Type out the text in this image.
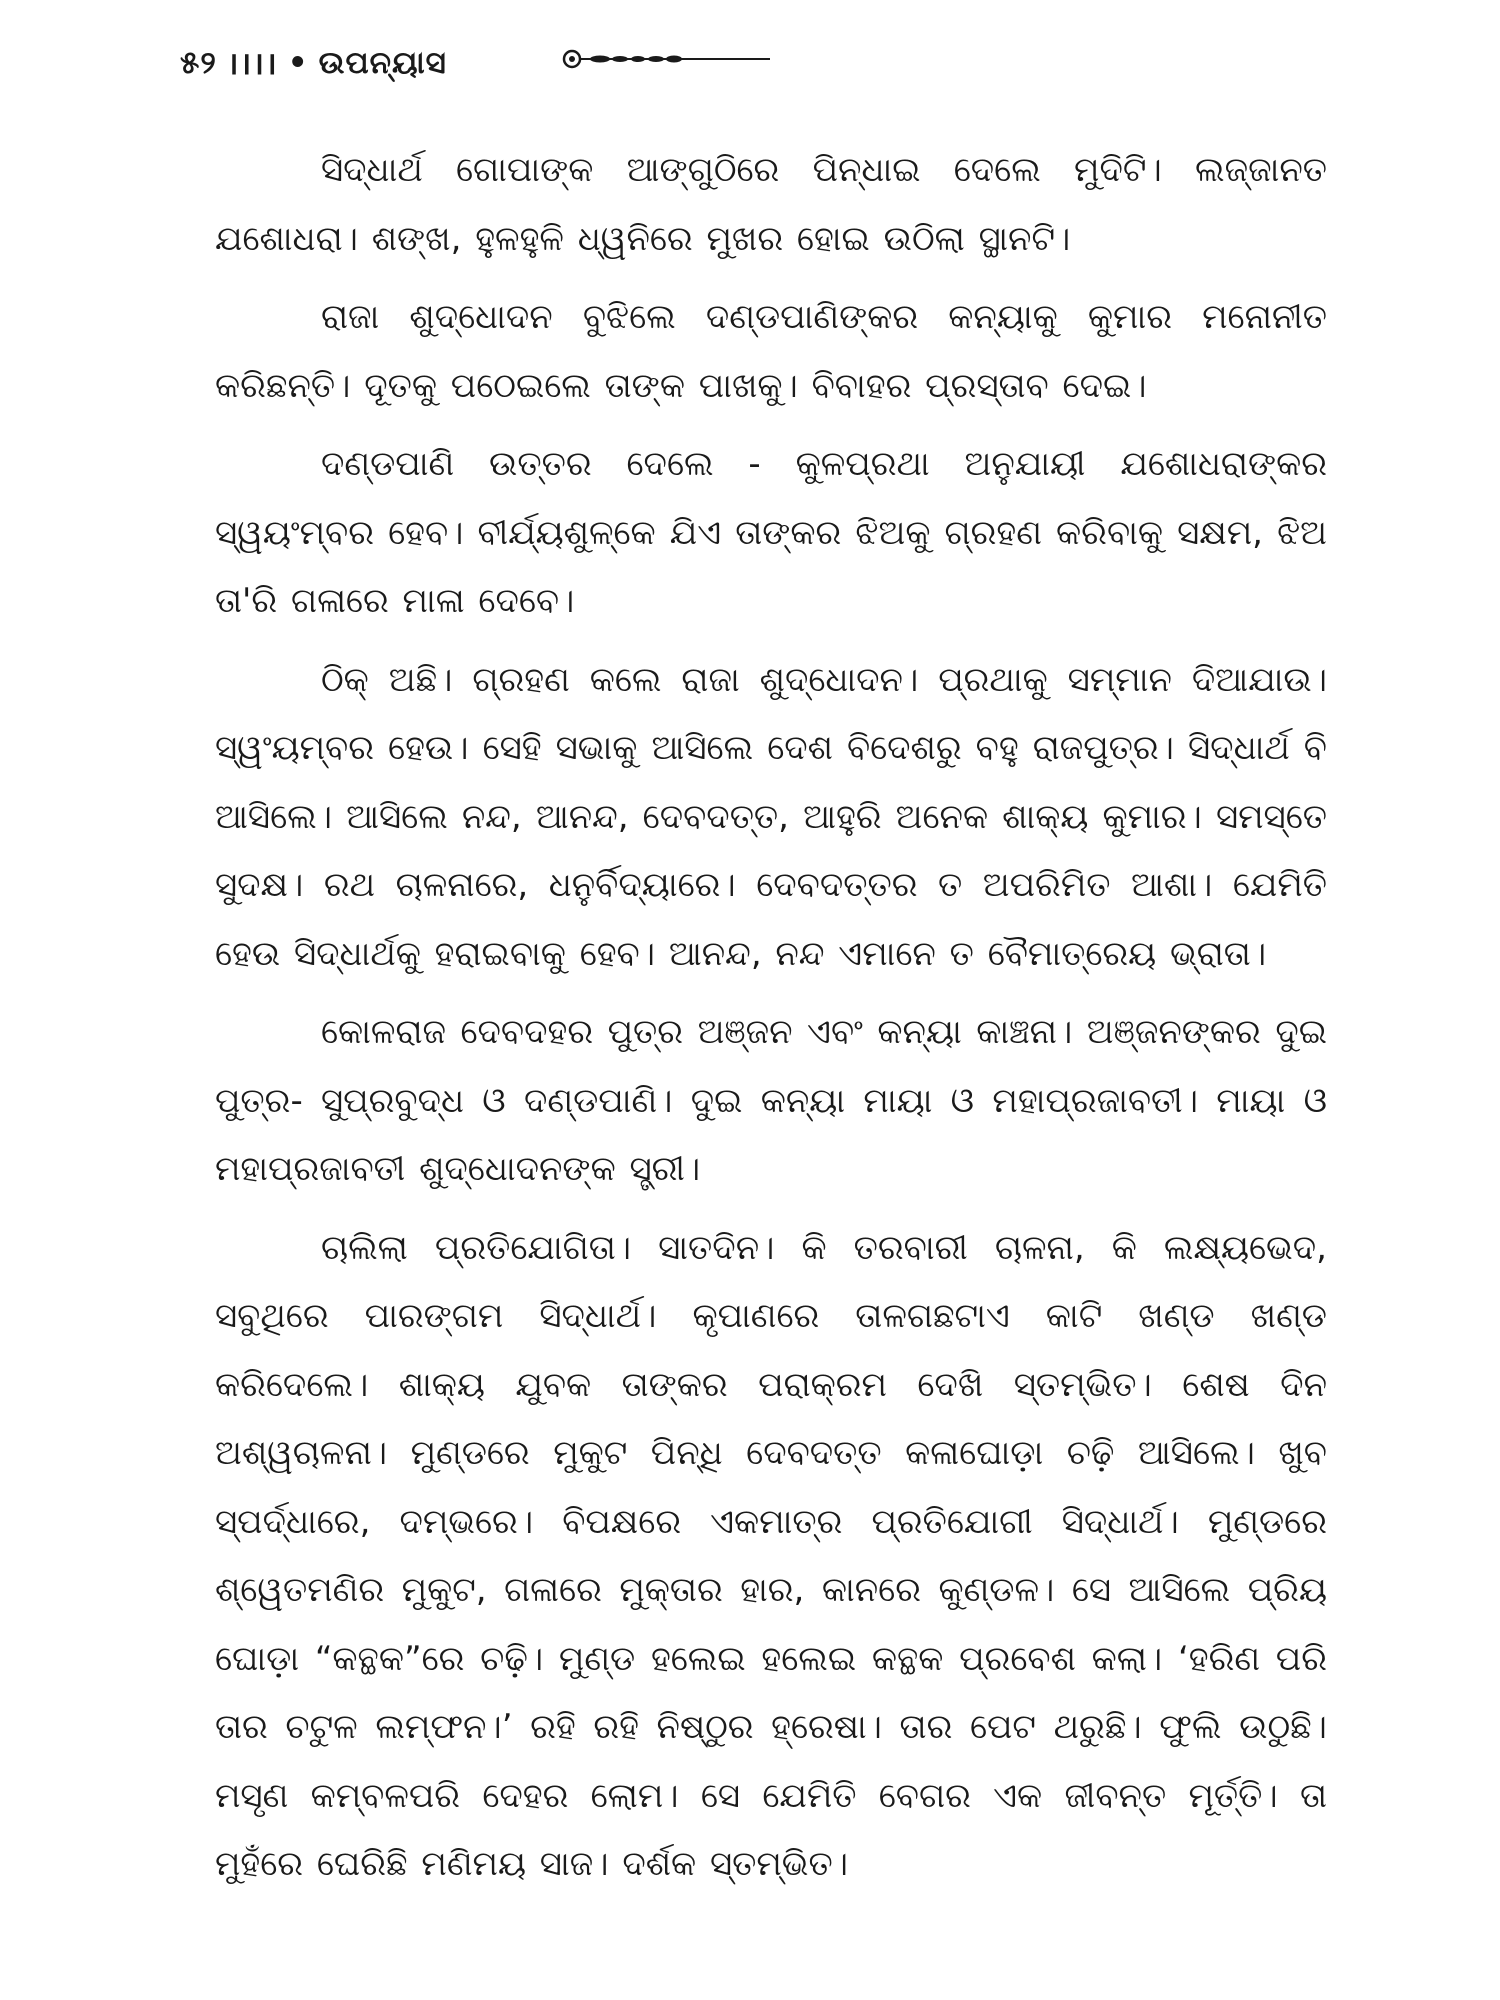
୫୨ ।।।। • ଉପନ୍ୟାସ

ସିଦ୍ଧାର୍ଥ ଗୋପାଙ୍କ ଆଙ୍ଗୁଠିରେ ପିନ୍ଧାଇ ଦେଲେ ମୁଦିଟି। ଲଜ୍ଜାନତ ଯଶୋଧରା। ଶଙ୍ଖ, ହୁଳହୁଳି ଧ୍ୱନିରେ ମୁଖର ହୋଇ ଉଠିଲା ସ୍ଥାନଟି।

ରାଜା ଶୁଦ୍ଧୋଦନ ବୁଝିଲେ ଦଣ୍ଡପାଣିଙ୍କର କନ୍ୟାକୁ କୁମାର ମନୋନୀତ କରିଛନ୍ତି। ଦୂତକୁ ପଠେଇଲେ ତାଙ୍କ ପାଖକୁ। ବିବାହର ପ୍ରସ୍ତାବ ଦେଇ।

ଦଣ୍ଡପାଣି ଉତ୍ତର ଦେଲେ - କୁଳପ୍ରଥା ଅନୁଯାୟୀ ଯଶୋଧରାଙ୍କର ସ୍ୱୟଂମ୍ବର ହେବ। ବୀର୍ଯ୍ୟଶୁଳ୍କେ ଯିଏ ତାଙ୍କର ଝିଅକୁ ଗ୍ରହଣ କରିବାକୁ ସକ୍ଷମ, ଝିଅ ତା'ରି ଗଳାରେ ମାଳା ଦେବେ।

ଠିକ୍ ଅଛି। ଗ୍ରହଣ କଲେ ରାଜା ଶୁଦ୍ଧୋଦନ। ପ୍ରଥାକୁ ସମ୍ମାନ ଦିଆଯାଉ। ସ୍ୱଂୟମ୍ବର ହେଉ। ସେହି ସଭାକୁ ଆସିଲେ ଦେଶ ବିଦେଶରୁ ବହୁ ରାଜପୁତ୍ର। ସିଦ୍ଧାର୍ଥ ବି ଆସିଲେ। ଆସିଲେ ନନ୍ଦ, ଆନନ୍ଦ, ଦେବଦତ୍ତ, ଆହୁରି ଅନେକ ଶାକ୍ୟ କୁମାର। ସମସ୍ତେ ସୁଦକ୍ଷ। ରଥ ଚାଳନାରେ, ଧନୁର୍ବିଦ୍ୟାରେ। ଦେବଦତ୍ତର ତ ଅପରିମିତ ଆଶା। ଯେମିତି ହେଉ ସିଦ୍ଧାର୍ଥକୁ ହରାଇବାକୁ ହେବ। ଆନନ୍ଦ, ନନ୍ଦ ଏମାନେ ତ ବୈମାତ୍ରେୟ ଭ୍ରାତା।

କୋଳରାଜ ଦେବଦହର ପୁତ୍ର ଅଞ୍ଜନ ଏବଂ କନ୍ୟା କାଞ୍ଚନା। ଅଞ୍ଜନଙ୍କର ଦୁଇ ପୁତ୍ର- ସୁପ୍ରବୁଦ୍ଧ ଓ ଦଣ୍ଡପାଣି। ଦୁଇ କନ୍ୟା ମାୟା ଓ ମହାପ୍ରଜାବତୀ। ମାୟା ଓ ମହାପ୍ରଜାବତୀ ଶୁଦ୍ଧୋଦନଙ୍କ ସ୍ତ୍ରୀ।

ଚାଲିଲା ପ୍ରତିଯୋଗିତା। ସାତଦିନ। କି ତରବାରୀ ଚାଳନା, କି ଲକ୍ଷ୍ୟଭେଦ, ସବୁଥିରେ ପାରଙ୍ଗମ ସିଦ୍ଧାର୍ଥ। କୃପାଣରେ ତାଳଗଛଟାଏ କାଟି ଖଣ୍ଡ ଖଣ୍ଡ କରିଦେଲେ। ଶାକ୍ୟ ଯୁବକ ତାଙ୍କର ପରାକ୍ରମ ଦେଖି ସ୍ତମ୍ଭିତ। ଶେଷ ଦିନ ଅଶ୍ୱଚାଳନା। ମୁଣ୍ଡରେ ମୁକୁଟ ପିନ୍ଧି ଦେବଦତ୍ତ କଳାଘୋଡ଼ା ଚଢ଼ି ଆସିଲେ। ଖୁବ ସ୍ପର୍ଦ୍ଧାରେ, ଦମ୍ଭରେ। ବିପକ୍ଷରେ ଏକମାତ୍ର ପ୍ରତିଯୋଗୀ ସିଦ୍ଧାର୍ଥ। ମୁଣ୍ଡରେ ଶ୍ୱେତମଣିର ମୁକୁଟ, ଗଳାରେ ମୁକ୍ତାର ହାର, କାନରେ କୁଣ୍ଡଳ। ସେ ଆସିଲେ ପ୍ରିୟ ଘୋଡ଼ା “କନ୍ଥକ”ରେ ଚଢ଼ି। ମୁଣ୍ଡ ହଲେଇ ହଲେଇ କନ୍ଥକ ପ୍ରବେଶ କଲା। ‘ହରିଣ ପରି ତାର ଚଟୁଳ ଲମ୍ଫନ।’ ରହି ରହି ନିଷ୍ଠୁର ହ୍ରେଷା। ତାର ପେଟ ଥରୁଛି। ଫୁଲି ଉଠୁଛି। ମସୃଣ କମ୍ବଳପରି ଦେହର ଲୋମ। ସେ ଯେମିତି ବେଗର ଏକ ଜୀବନ୍ତ ମୂର୍ତ୍ତି। ତା ମୁହଁରେ ଘେରିଛି ମଣିମୟ ସାଜ। ଦର୍ଶକ ସ୍ତମ୍ଭିତ।
